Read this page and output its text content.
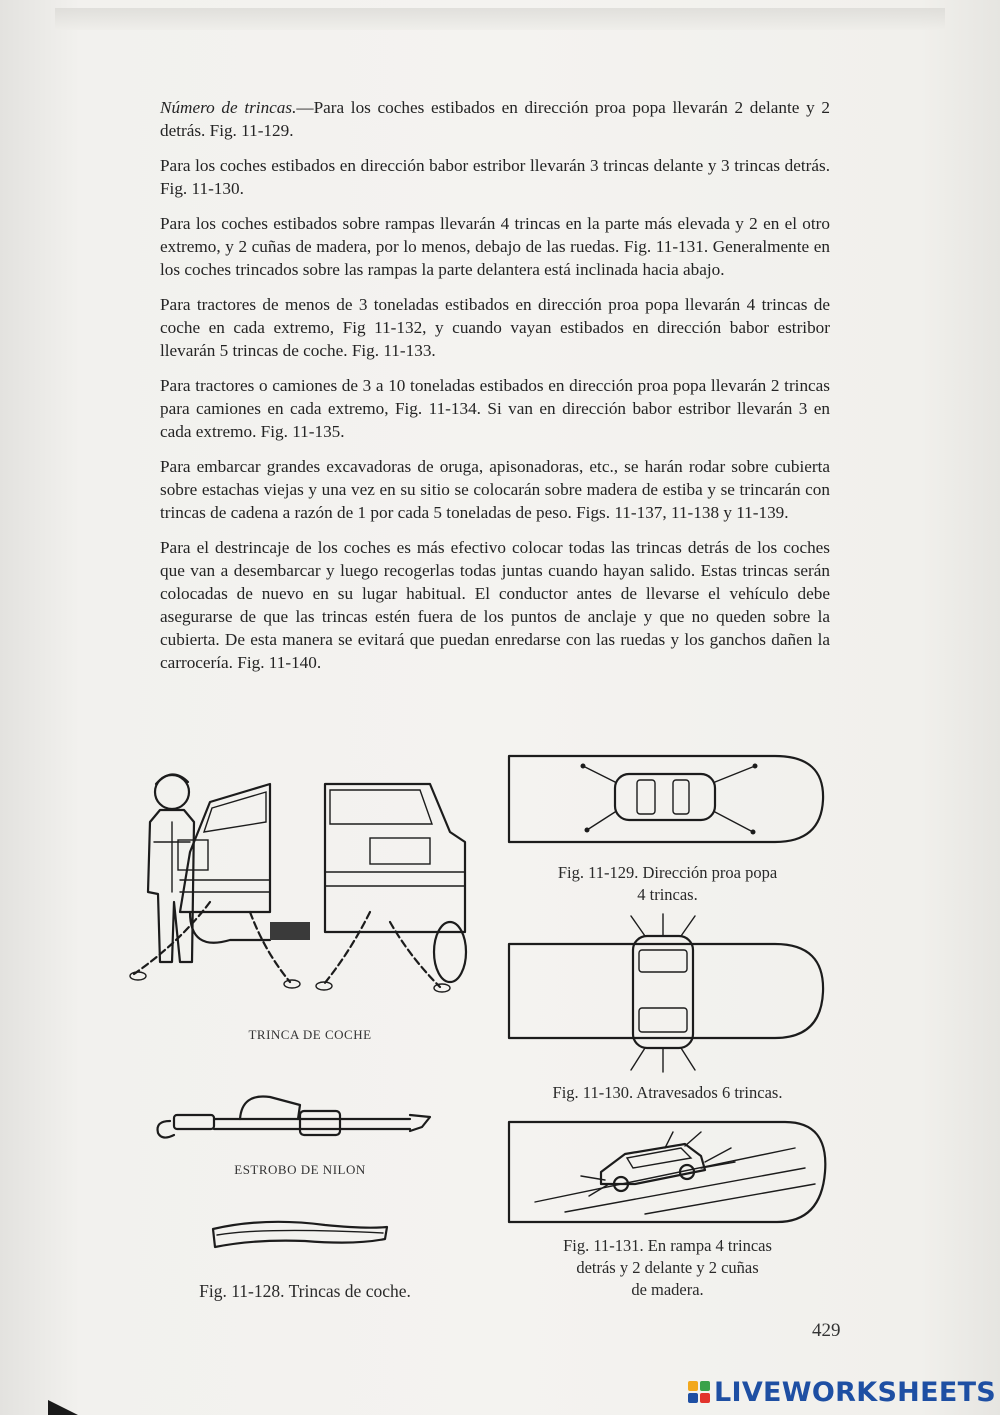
Número de trincas.—Para los coches estibados en dirección proa popa llevarán 2 delante y 2 detrás. Fig. 11-129.

Para los coches estibados en dirección babor estribor llevarán 3 trincas delante y 3 trincas detrás. Fig. 11-130.

Para los coches estibados sobre rampas llevarán 4 trincas en la parte más elevada y 2 en el otro extremo, y 2 cuñas de madera, por lo menos, debajo de las ruedas. Fig. 11-131. Generalmente en los coches trincados sobre las rampas la parte delantera está inclinada hacia abajo.

Para tractores de menos de 3 toneladas estibados en dirección proa popa llevarán 4 trincas de coche en cada extremo, Fig 11-132, y cuando vayan estibados en dirección babor estribor llevarán 5 trincas de coche. Fig. 11-133.

Para tractores o camiones de 3 a 10 toneladas estibados en dirección proa popa llevarán 2 trincas para camiones en cada extremo, Fig. 11-134. Si van en dirección babor estribor llevarán 3 en cada extremo. Fig. 11-135.

Para embarcar grandes excavadoras de oruga, apisonadoras, etc., se harán rodar sobre cubierta sobre estachas viejas y una vez en su sitio se colocarán sobre madera de estiba y se trincarán con trincas de cadena a razón de 1 por cada 5 toneladas de peso. Figs. 11-137, 11-138 y 11-139.

Para el destrincaje de los coches es más efectivo colocar todas las trincas detrás de los coches que van a desembarcar y luego recogerlas todas juntas cuando hayan salido. Estas trincas serán colocadas de nuevo en su lugar habitual. El conductor antes de llevarse el vehículo debe asegurarse de que las trincas estén fuera de los puntos de anclaje y que no queden sobre la cubierta. De esta manera se evitará que puedan enredarse con las ruedas y los ganchos dañen la carrocería. Fig. 11-140.

TRINCA DE COCHE
ESTROBO DE NILON
Fig. 11-128. Trincas de coche.
Fig. 11-129. Dirección proa popa
4 trincas.
Fig. 11-130. Atravesados 6 trincas.
Fig. 11-131. En rampa 4 trincas
detrás y 2 delante y 2 cuñas
de madera.
429
LIVEWORKSHEETS
